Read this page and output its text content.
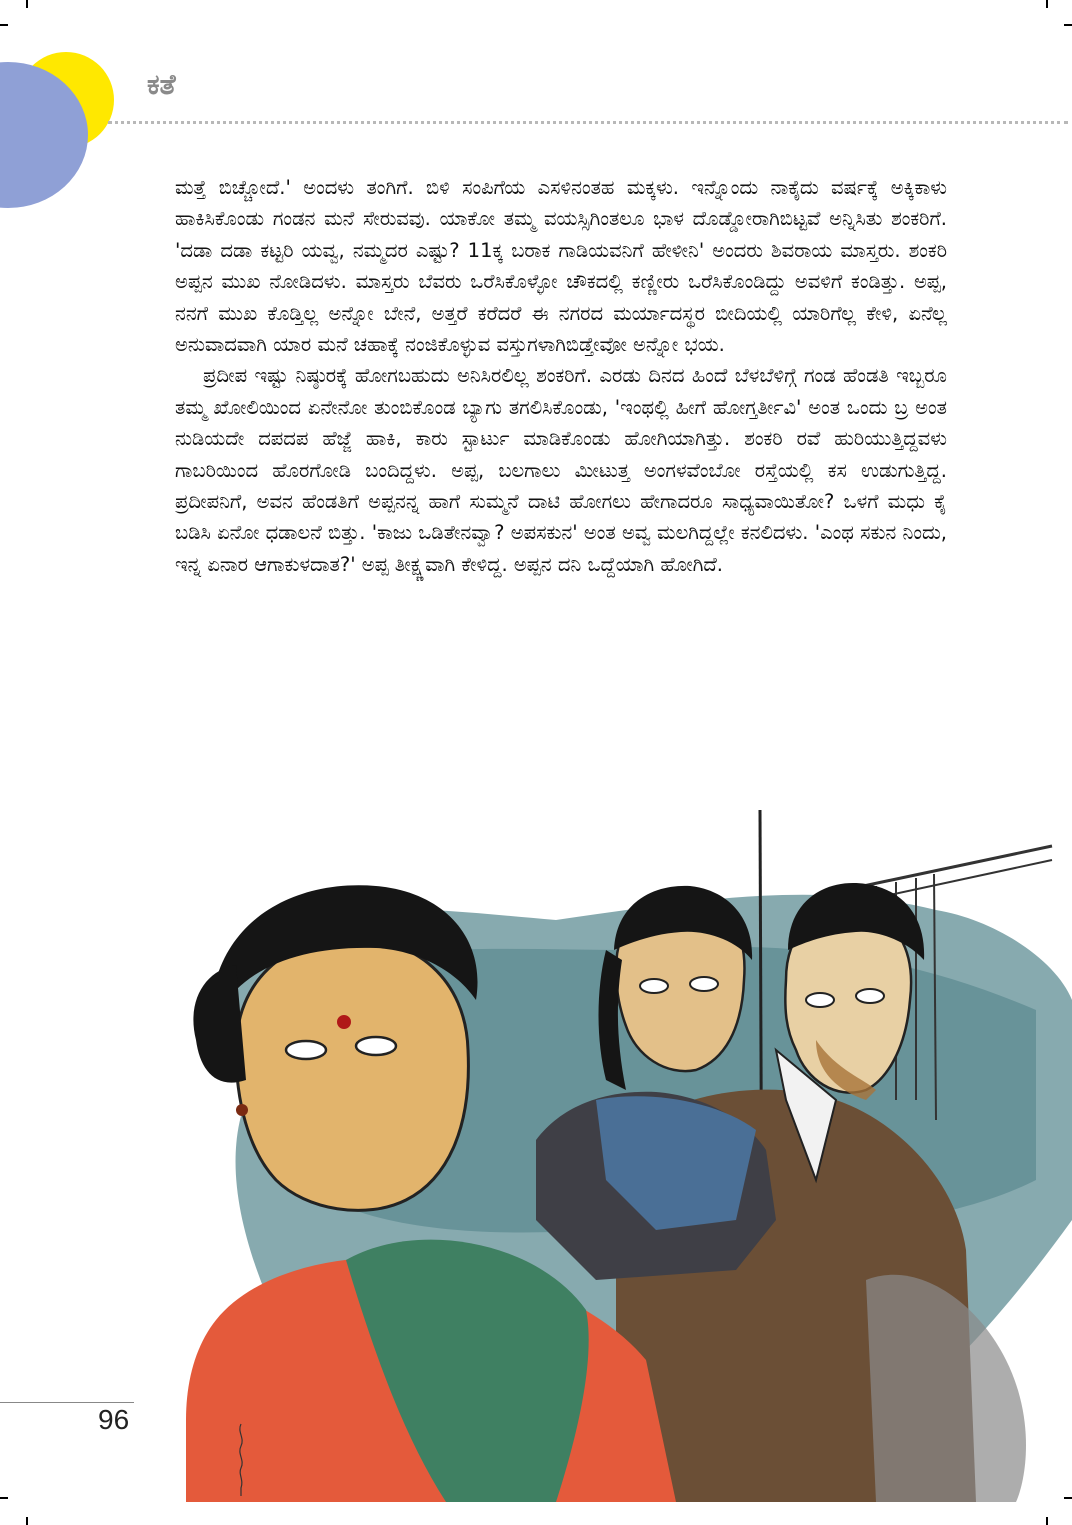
ಕತೆ

ಮತ್ತೆ ಬಿಚ್ಚೋದೆ.' ಅಂದಳು ತಂಗಿಗೆ. ಬಿಳಿ ಸಂಪಿಗೆಯ ಎಸಳಿನಂತಹ ಮಕ್ಕಳು. ಇನ್ನೊಂದು ನಾಕೈದು ವರ್ಷಕ್ಕೆ ಅಕ್ಕಿಕಾಳು ಹಾಕಿಸಿಕೊಂಡು ಗಂಡನ ಮನೆ ಸೇರುವವು. ಯಾಕೋ ತಮ್ಮ ವಯಸ್ಸಿಗಿಂತಲೂ ಭಾಳ ದೊಡ್ಡೋರಾಗಿಬಿಟ್ಟವೆ ಅನ್ನಿಸಿತು ಶಂಕರಿಗೆ. 'ದಡಾ ದಡಾ ಕಟ್ಟರಿ ಯವ್ವ, ನಮ್ಮದರ ಎಷ್ಟು? 11ಕ್ಕ ಬರಾಕ ಗಾಡಿಯವನಿಗೆ ಹೇಳೀನಿ' ಅಂದರು ಶಿವರಾಯ ಮಾಸ್ತರು. ಶಂಕರಿ ಅಪ್ಪನ ಮುಖ ನೋಡಿದಳು. ಮಾಸ್ತರು ಬೆವರು ಒರೆಸಿಕೊಳ್ಳೋ ಚೌಕದಲ್ಲಿ ಕಣ್ಣೀರು ಒರೆಸಿಕೊಂಡಿದ್ದು ಅವಳಿಗೆ ಕಂಡಿತ್ತು. ಅಪ್ಪ, ನನಗೆ ಮುಖ ಕೊಡ್ತಿಲ್ಲ ಅನ್ನೋ ಬೇನೆ, ಅತ್ತರೆ ಕರೆದರೆ ಈ ನಗರದ ಮರ್ಯಾದಸ್ಥರ ಬೀದಿಯಲ್ಲಿ ಯಾರಿಗೆಲ್ಲ ಕೇಳಿ, ಏನೆಲ್ಲ ಅನುವಾದವಾಗಿ ಯಾರ ಮನೆ ಚಹಾಕ್ಕೆ ನಂಜಿಕೊಳ್ಳುವ ವಸ್ತುಗಳಾಗಿಬಿಡ್ತೇವೋ ಅನ್ನೋ ಭಯ.

ಪ್ರದೀಪ ಇಷ್ಟು ನಿಷ್ಠುರಕ್ಕೆ ಹೋಗಬಹುದು ಅನಿಸಿರಲಿಲ್ಲ ಶಂಕರಿಗೆ. ಎರಡು ದಿನದ ಹಿಂದೆ ಬೆಳಬೆಳಿಗ್ಗೆ ಗಂಡ ಹೆಂಡತಿ ಇಬ್ಬರೂ ತಮ್ಮ ಖೋಲಿಯಿಂದ ಏನೇನೋ ತುಂಬಿಕೊಂಡ ಬ್ಯಾಗು ತಗಲಿಸಿಕೊಂಡು, 'ಇಂಥಲ್ಲಿ ಹೀಗೆ ಹೋಗ್ತರ್ತೀವಿ' ಅಂತ ಒಂದು ಬ್ರ ಅಂತ ನುಡಿಯದೇ ದಪದಪ ಹೆಜ್ಜೆ ಹಾಕಿ, ಕಾರು ಸ್ಟಾರ್ಟು ಮಾಡಿಕೊಂಡು ಹೋಗಿಯಾಗಿತ್ತು. ಶಂಕರಿ ರವೆ ಹುರಿಯುತ್ತಿದ್ದವಳು ಗಾಬರಿಯಿಂದ ಹೊರಗೋಡಿ ಬಂದಿದ್ದಳು. ಅಪ್ಪ, ಬಲಗಾಲು ಮೀಟುತ್ತ ಅಂಗಳವೆಂಬೋ ರಸ್ತೆಯಲ್ಲಿ ಕಸ ಉಡುಗುತ್ತಿದ್ದ. ಪ್ರದೀಪನಿಗೆ, ಅವನ ಹೆಂಡತಿಗೆ ಅಪ್ಪನನ್ನ ಹಾಗೆ ಸುಮ್ಮನೆ ದಾಟಿ ಹೋಗಲು ಹೇಗಾದರೂ ಸಾಧ್ಯವಾಯಿತೋ? ಒಳಗೆ ಮಧು ಕೈ ಬಡಿಸಿ ಏನೋ ಧಡಾಲನೆ ಬಿತ್ತು. 'ಕಾಜು ಒಡಿತೇನವ್ವಾ? ಅಪಸಕುನ' ಅಂತ ಅವ್ವ ಮಲಗಿದ್ದಲ್ಲೇ ಕನಲಿದಳು. 'ಎಂಥ ಸಕುನ ನಿಂದು, ಇನ್ನ ಏನಾರ ಆಗಾಕುಳದಾತ?' ಅಪ್ಪ ತೀಕ್ಷ್ಣವಾಗಿ ಕೇಳಿದ್ದ. ಅಪ್ಪನ ದನಿ ಒದ್ದೆಯಾಗಿ ಹೋಗಿದೆ.

96
